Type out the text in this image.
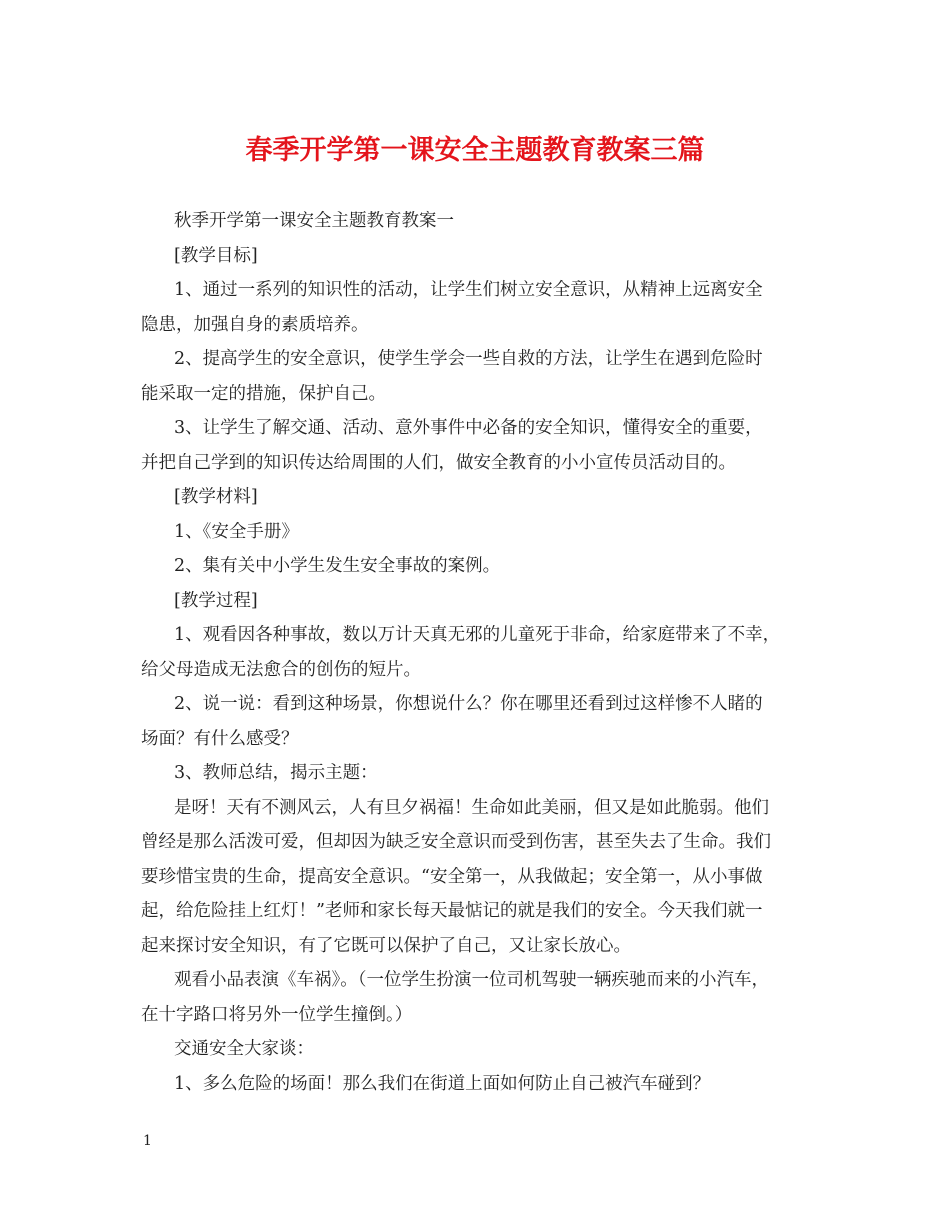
春季开学第一课安全主题教育教案三篇
秋季开学第一课安全主题教育教案一
[教学目标]
1、通过一系列的知识性的活动，让学生们树立安全意识，从精神上远离安全
隐患，加强自身的素质培养。
2、提高学生的安全意识，使学生学会一些自救的方法，让学生在遇到危险时
能采取一定的措施，保护自己。
3、让学生了解交通、活动、意外事件中必备的安全知识，懂得安全的重要，
并把自己学到的知识传达给周围的人们，做安全教育的小小宣传员活动目的。
[教学材料]
1、《安全手册》
2、集有关中小学生发生安全事故的案例。
[教学过程]
1、观看因各种事故，数以万计天真无邪的儿童死于非命，给家庭带来了不幸，
给父母造成无法愈合的创伤的短片。
2、说一说：看到这种场景，你想说什么？你在哪里还看到过这样惨不人睹的
场面？有什么感受？
3、教师总结，揭示主题：
是呀！天有不测风云，人有旦夕祸福！生命如此美丽，但又是如此脆弱。他们
曾经是那么活泼可爱，但却因为缺乏安全意识而受到伤害，甚至失去了生命。我们
要珍惜宝贵的生命，提高安全意识。“安全第一，从我做起；安全第一，从小事做
起，给危险挂上红灯！”老师和家长每天最惦记的就是我们的安全。今天我们就一
起来探讨安全知识，有了它既可以保护了自己，又让家长放心。
观看小品表演《车祸》。（一位学生扮演一位司机驾驶一辆疾驰而来的小汽车，
在十字路口将另外一位学生撞倒。）
交通安全大家谈：
1、多么危险的场面！那么我们在街道上面如何防止自己被汽车碰到？
1
